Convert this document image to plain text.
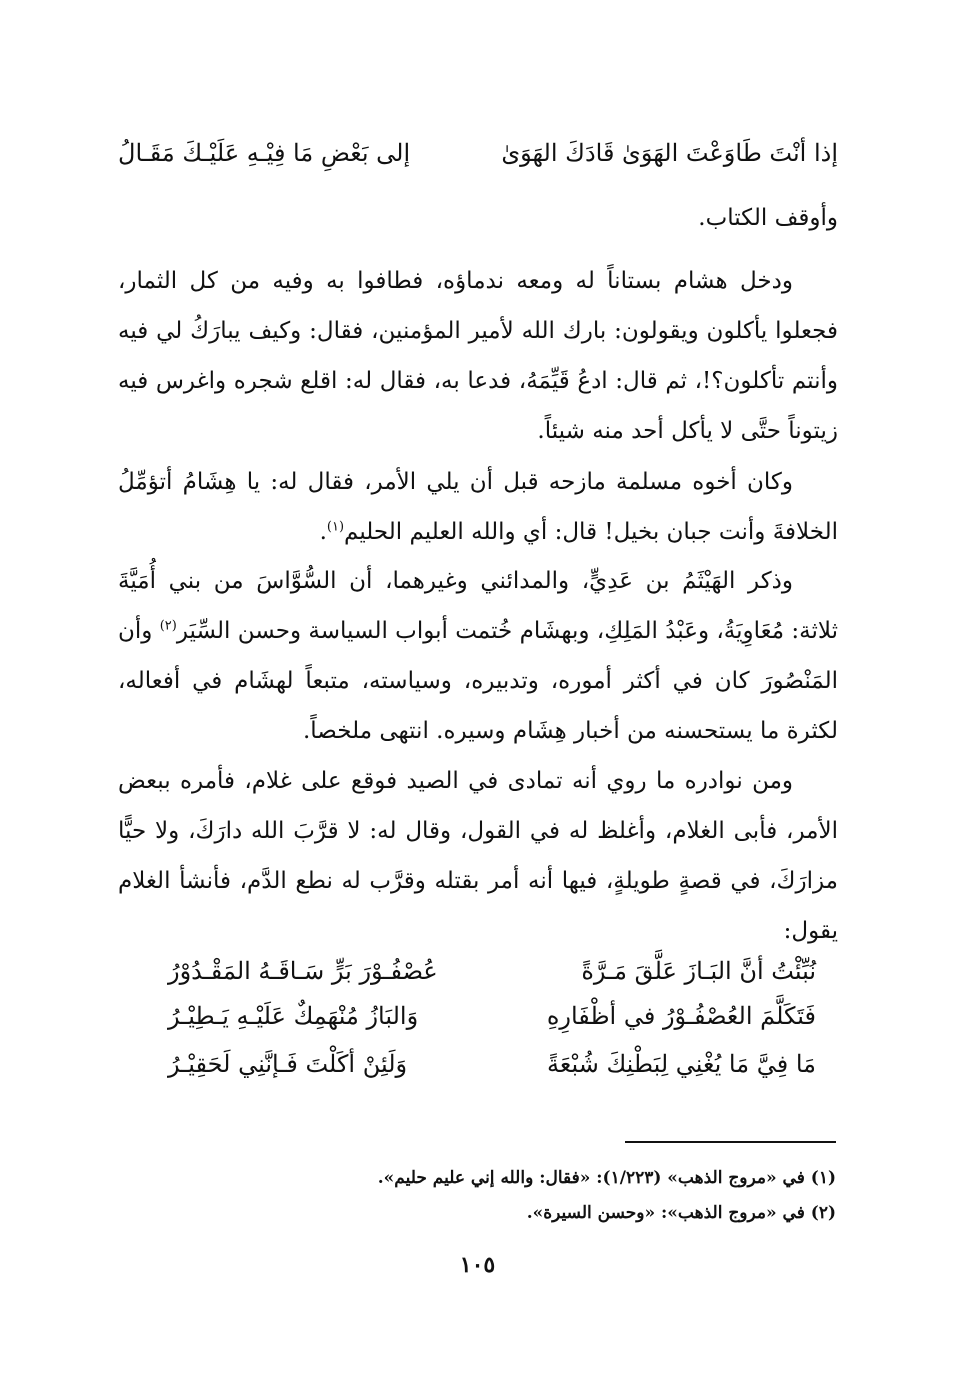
إذا أنْتَ طَاوَعْتَ الهَوَىٰ قَادَكَ الهَوَىٰ
إلى بَعْضِ مَا فِيْـهِ عَلَيْـكَ مَقَـالُ
وأوقف الكتاب.
ودخل هشام بستاناً له ومعه ندماؤه، فطافوا به وفيه من كل الثمار، فجعلوا يأكلون ويقولون: بارك الله لأمير المؤمنين، فقال: وكيف يبارَكُ لي فيه وأنتم تأكلون؟!، ثم قال: ادعُ قَيِّمَهُ، فدعا به، فقال له: اقلع شجره واغرس فيه زيتوناً حتَّى لا يأكل أحد منه شيئاً.
وكان أخوه مسلمة مازحه قبل أن يلي الأمر، فقال له: يا هِشَامُ أتؤمِّلُ الخلافةَ وأنت جبان بخيل! قال: أي والله العليم الحليم$^{(١)}$.
وذكر الهَيْثَمُ بن عَدِيٍّ، والمدائني وغيرهما، أن السُّوَّاسَ من بني أُمَيَّةَ ثلاثة: مُعَاوِيَةُ، وعَبْدُ المَلِكِ، وبهشَام خُتمت أبواب السياسة وحسن السِّيَر$^{(٢)}$ وأن المَنْصُورَ كان في أكثر أموره، وتدبيره، وسياسته، متبعاً لهشَام في أفعاله، لكثرة ما يستحسنه من أخبار هِشَام وسيره. انتهى ملخصاً.
ومن نوادره ما روي أنه تمادى في الصيد فوقع على غلام، فأمره ببعض الأمر، فأبى الغلام، وأغلظ له في القول، وقال له: لا قرَّبَ الله دارَكَ، ولا حيًّا مزارَكَ، في قصةٍ طويلةٍ، فيها أنه أمر بقتله وقرَّب له نطع الدَّم، فأنشأ الغلام يقول:
نُبِّئْتُ أنَّ البَـازَ عَلَّقَ مَـرَّةً
عُصْفُـوْرَ بَرٍّ سَـاقَـهُ المَقْـدُوْرُ
فَتَكَلَّمَ العُصْفُـوْرُ في أظْفَارِهِ
وَالبَازُ مُنْهَمِكٌ عَلَيْـهِ يَـطِيْـرُ
مَا فِيَّ مَا يُغْنِي لِبَطْنِكَ شُبْعَةً
وَلَئِنْ أكَلْتَ فَـإنَّنِي لَحَقِيْـرُ
(١) في «مروج الذهب» (١/٢٢٣): «فقال: والله إني عليم حليم».
(٢) في «مروج الذهب»: «وحسن السيرة».
١٠٥
